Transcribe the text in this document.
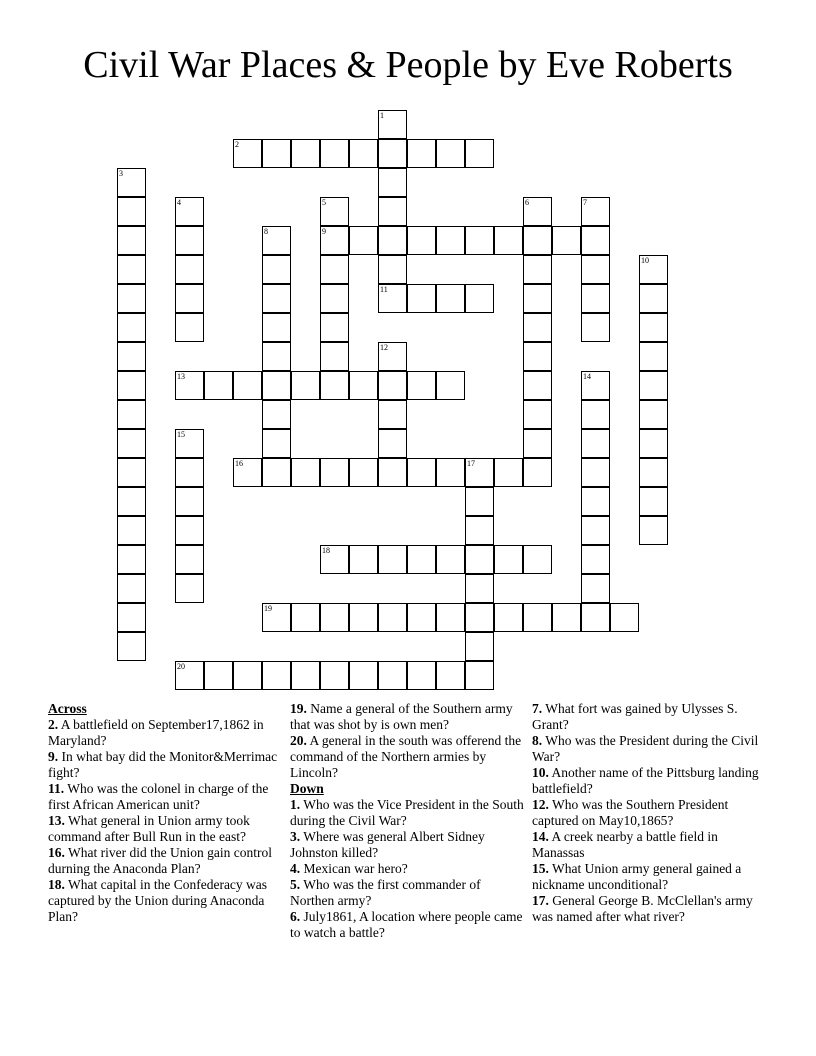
Civil War Places & People by Eve Roberts
1
11
2
3
4	5
9
6	7
8
10
12
13	14
15
16	17
18
19
20

Across

2. A battlefield on September17,1862 in Maryland?

9. In what bay did the Monitor&Merrimac fight?

11. Who was the colonel in charge of the first African American unit?

13. What general in Union army took command after Bull Run in the east?

16. What river did the Union gain control durning the Anaconda Plan?

18. What capital in the Confederacy was captured by the Union during Anaconda Plan?

19. Name a general of the Southern army that was shot by is own men?

20. A general in the south was offerend the command of the Northern armies by Lincoln?

Down

1. Who was the Vice President in the South during the Civil War?

3. Where was general Albert Sidney Johnston killed?

4. Mexican war hero?

5. Who was the first commander of Northen army?

6. July1861, A location where people came to watch a battle?

7. What fort was gained by Ulysses S. Grant?

8. Who was the President during the Civil War?

10. Another name of the Pittsburg landing battlefield?

12. Who was the Southern President captured on May10,1865?

14. A creek nearby a battle field in Manassas

15. What Union army general gained a nickname unconditional?

17. General George B. McClellan's army was named after what river?
